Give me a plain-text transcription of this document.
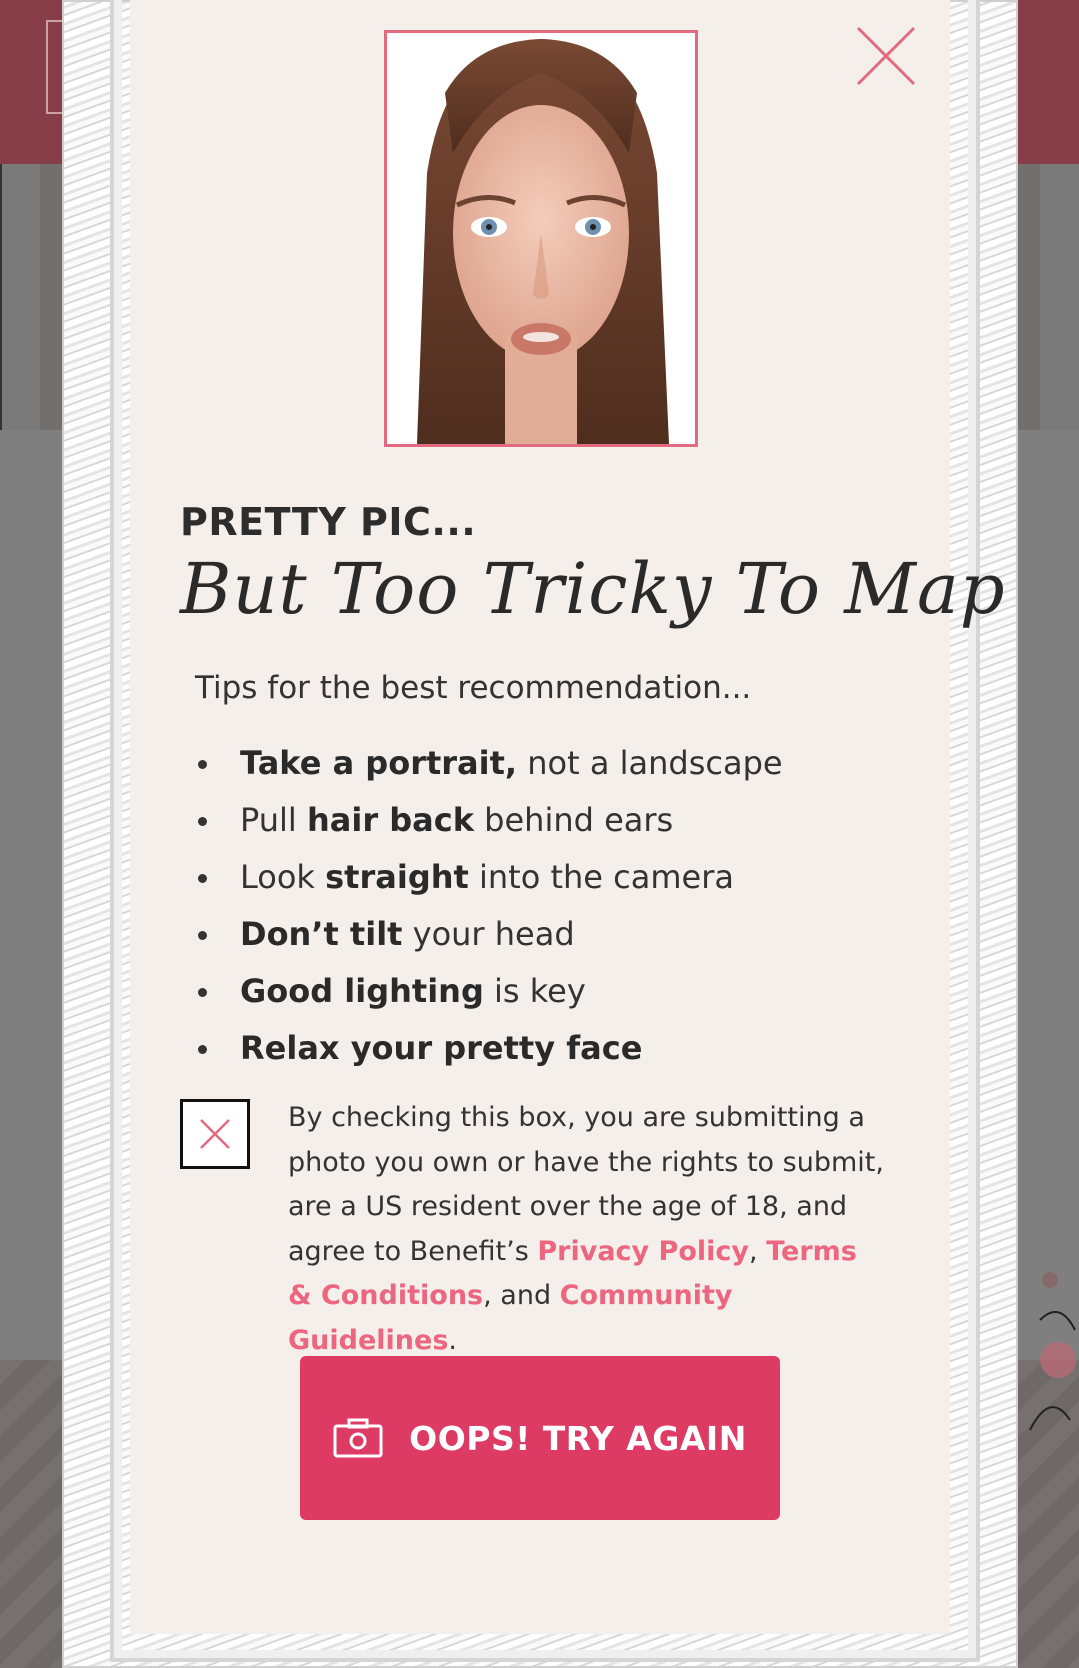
PRETTY PIC...
But Too Tricky To Map
Tips for the best recommendation...
Take a portrait, not a landscape
Pull hair back behind ears
Look straight into the camera
Don’t tilt your head
Good lighting is key
Relax your pretty face
By checking this box, you are submitting a photo you own or have the rights to submit, are a US resident over the age of 18, and agree to Benefit’s Privacy Policy, Terms & Conditions, and Community Guidelines.
OOPS! TRY AGAIN
